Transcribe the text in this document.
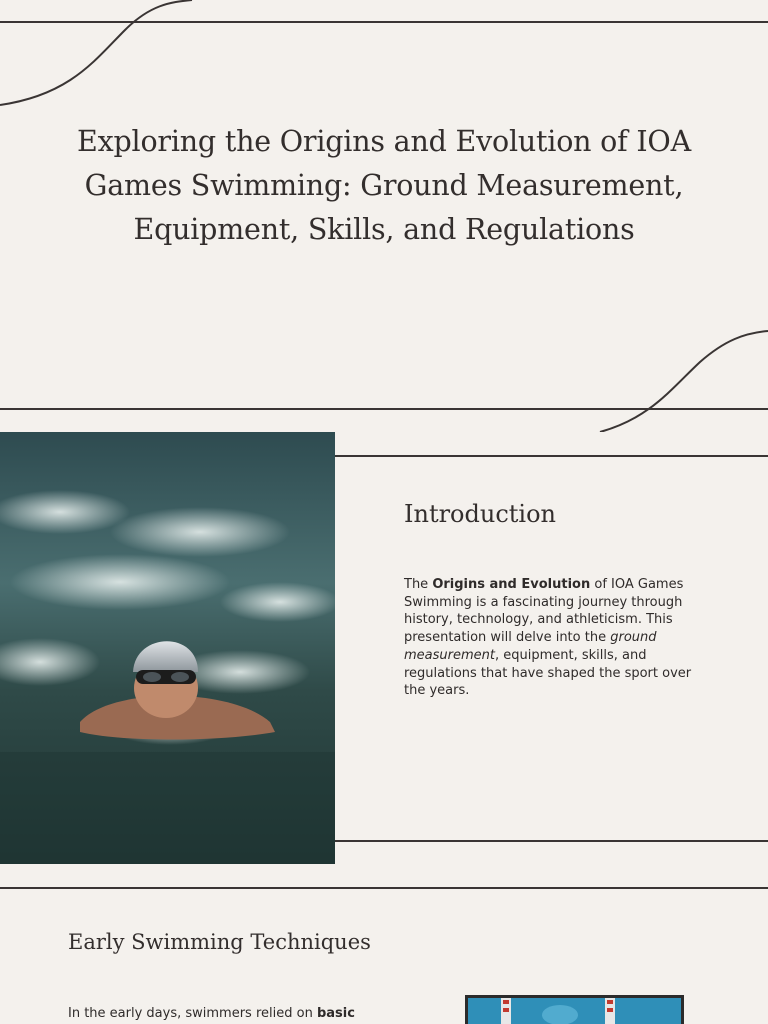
Exploring the Origins and Evolution of IOA Games Swimming: Ground Measurement, Equipment, Skills, and Regulations
Introduction
The Origins and Evolution of IOA Games Swimming is a fascinating journey through history, technology, and athleticism. This presentation will delve into the ground measurement, equipment, skills, and regulations that have shaped the sport over the years.
Early Swimming Techniques
In the early days, swimmers relied on basic
